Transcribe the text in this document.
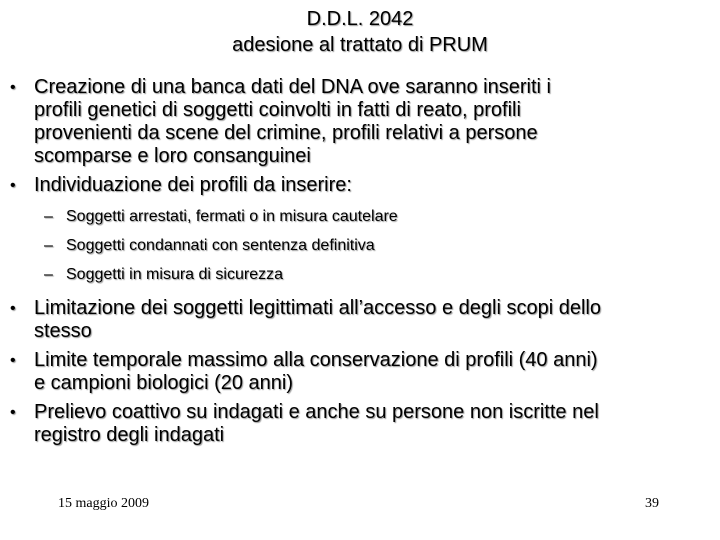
D.D.L. 2042
adesione al trattato di PRUM
• Creazione di una banca dati del DNA ove saranno inseriti i
profili genetici di soggetti coinvolti in fatti di reato, profili
provenienti da scene del crimine, profili relativi a persone
scomparse e loro consanguinei
• Individuazione dei profili da inserire:
– Soggetti arrestati, fermati o in misura cautelare
– Soggetti condannati con sentenza definitiva
– Soggetti in misura di sicurezza
• Limitazione dei soggetti legittimati all’accesso e degli scopi dello
stesso
• Limite temporale massimo alla conservazione di profili (40 anni)
e campioni biologici (20 anni)
• Prelievo coattivo su indagati e anche su persone non iscritte nel
registro degli indagati
15 maggio 2009	39
